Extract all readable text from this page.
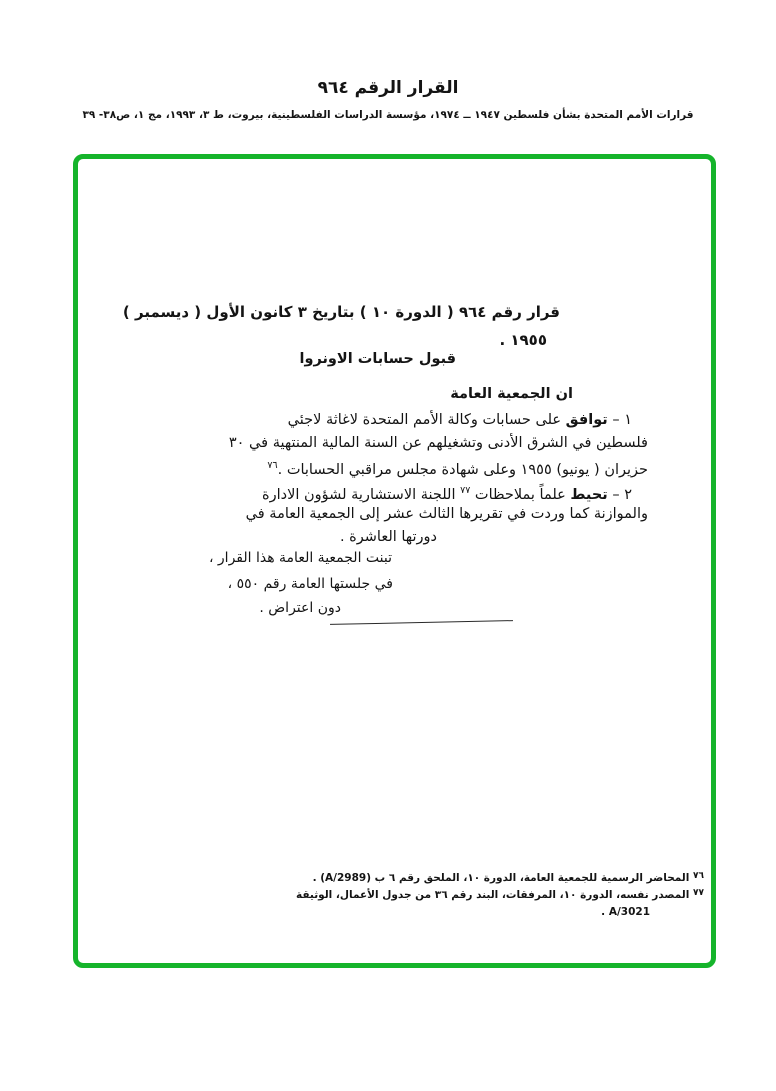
القرار الرقم ٩٦٤
قرارات الأمم المتحدة بشأن فلسطين ١٩٤٧ ــ ١٩٧٤، مؤسسة الدراسات الفلسطينية، بيروت، ط ٣، ١٩٩٣، مج ١، ص٣٨- ٣٩
قرار رقم ٩٦٤ ( الدورة ١٠ ) بتاريخ ٣ كانون الأول ( ديسمبر )
١٩٥٥ .
قبول حسابات الاونروا
ان الجمعية العامة
١ – توافق على حسابات وكالة الأمم المتحدة لاغاثة لاجئي
فلسطين في الشرق الأدنى وتشغيلهم عن السنة المالية المنتهية في ٣٠
حزيران ( يونيو) ١٩٥٥ وعلى شهادة مجلس مراقبي الحسابات .$^{٧٦}$
٢ – تحيط علماً بملاحظات $^{٧٧}$ اللجنة الاستشارية لشؤون الادارة
والموازنة كما وردت في تقريرها الثالث عشر إلى الجمعية العامة في
دورتها العاشرة .
تبنت الجمعية العامة هذا القرار ،
في جلستها العامة رقم ٥٥٠ ،
دون اعتراض .
٧٦ المحاضر الرسمية للجمعية العامة، الدورة ١٠، الملحق رقم ٦ ب (A/2989) .
٧٧ المصدر نفسه، الدورة ١٠، المرفقات، البند رقم ٣٦ من جدول الأعمال، الوثيقة
A/3021 .
